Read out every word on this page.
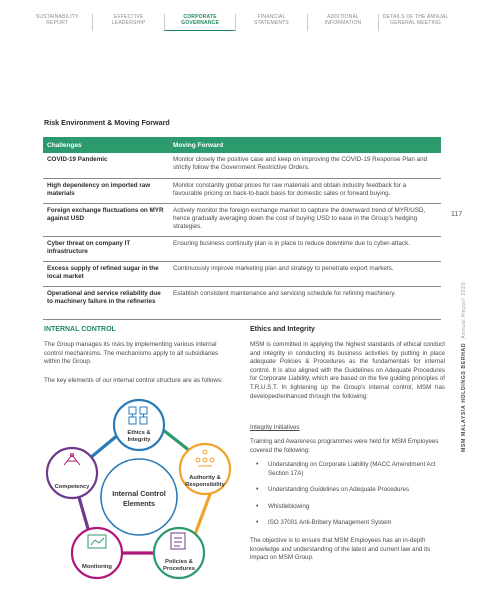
SUSTAINABILITY
REPORT
EFFECTIVE
LEADERSHIP
CORPORATE
GOVERNANCE
FINANCIAL
STATEMENTS
ADDITIONAL
INFORMATION
DETAILS OF THE ANNUAL
GENERAL MEETING
117
MSM MALAYSIA HOLDINGS BERHAD  Annual Report 2020
Risk Environment & Moving Forward
Challenges	Moving Forward
COVID-19 Pandemic	Monitor closely the positive case and keep on improving the COVID-19 Response Plan and strictly follow the Government Restrictive Orders.
High dependency on imported raw materials	Monitor constantly global prices for raw materials and obtain industry feedback for a favourable pricing on back-to-back basis for domestic sales or forward buying.
Foreign exchange fluctuations on MYR against USD	Actively monitor the foreign exchange market to capture the downward trend of MYR/USD, hence gradually averaging down the cost of buying USD to ease in the Group's hedging strategies.
Cyber threat on company IT infrastructure	Ensuring business continuity plan is in place to reduce downtime due to cyber-attack.
Excess supply of refined sugar in the local market	Continuously improve marketing plan and strategy to penetrate export markets.
Operational and service reliability due to machinery failure in the refineries	Establish consistent maintenance and servicing schedule for refining machinery.
INTERNAL CONTROL

The Group manages its risks by implementing various internal control mechanisms. The mechanisms apply to all subsidiaries within the Group.

The key elements of our internal control structure are as follows:

Internal Control
Elements
Ethics &
Integrity
Authority &
Responsibility
Competency
Monitoring
Policies &
Procedures
Ethics and Integrity

MSM is committed in applying the highest standards of ethical conduct and integrity in conducting its business activities by putting in place adequate Policies & Procedures as the fundamentals for internal control. It is also aligned with the Guidelines on Adequate Procedures for Corporate Liability, which are based on the five guiding principles of T.R.U.S.T. In tightening up the Group's internal control, MSM has developed/enhanced through the following:

Integrity Initiatives

Training and Awareness programmes were held for MSM Employees covered the following:

• Understanding on Corporate Liability (MACC Amendment Act Section 17A)
• Understanding Guidelines on Adequate Procedures
• Whistleblowing
• ISO 37001 Anti-Bribery Management System

The objective is to ensure that MSM Employees has an in-depth knowledge and understanding of the latest and current law and its impact on MSM Group.
